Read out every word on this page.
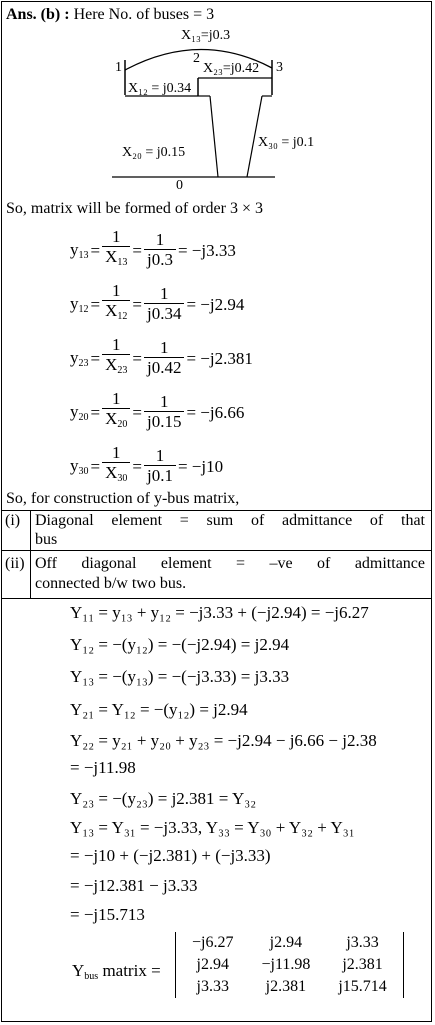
Ans. (b) : Here No. of buses = 3
X₁₃=j0.3
X₂₃=j0.42
X₁₂ = j0.34
X₂₀ = j0.15
X₃₀ = j0.1
1
2
3
0
So, matrix will be formed of order 3 × 3
$y_{13} = \frac{1}{X_{13}} = \frac{1}{j0.3} = -j3.33$
$y_{12} = \frac{1}{X_{12}} = \frac{1}{j0.34} = -j2.94$
$y_{23} = \frac{1}{X_{23}} = \frac{1}{j0.42} = -j2.381$
$y_{20} = \frac{1}{X_{20}} = \frac{1}{j0.15} = -j6.66$
$y_{30} = \frac{1}{X_{30}} = \frac{1}{j0.1} = -j10$
So, for construction of y-bus matrix,
(i) Diagonal element = sum of admittance of that
bus
(ii) Off diagonal element = –ve of admittance
connected b/w two bus.
Y₁₁ = y₁₃ + y₁₂ = −j3.33 + (−j2.94) = −j6.27
Y₁₂ = −(y₁₂) = −(−j2.94) = j2.94
Y₁₃ = −(y₁₃) = −(−j3.33) = j3.33
Y₂₁ = Y₁₂ = −(y₁₂) = j2.94
Y₂₂ = y₂₁ + y₂₀ + y₂₃ = −j2.94 − j6.66 − j2.38
= −j11.98
Y₂₃ = −(y₂₃) = j2.381 = Y₃₂
Y₁₃ = Y₃₁ = −j3.33, Y₃₃ = Y₃₀ + Y₃₂ + Y₃₁
= −j10 + (−j2.381) + (−j3.33)
= −j12.381 − j3.33
= −j15.713
$Y_{bus}$ matrix =
−j6.27	j2.94	j3.33
j2.94	−j11.98	j2.381
j3.33	j2.381	j15.714
